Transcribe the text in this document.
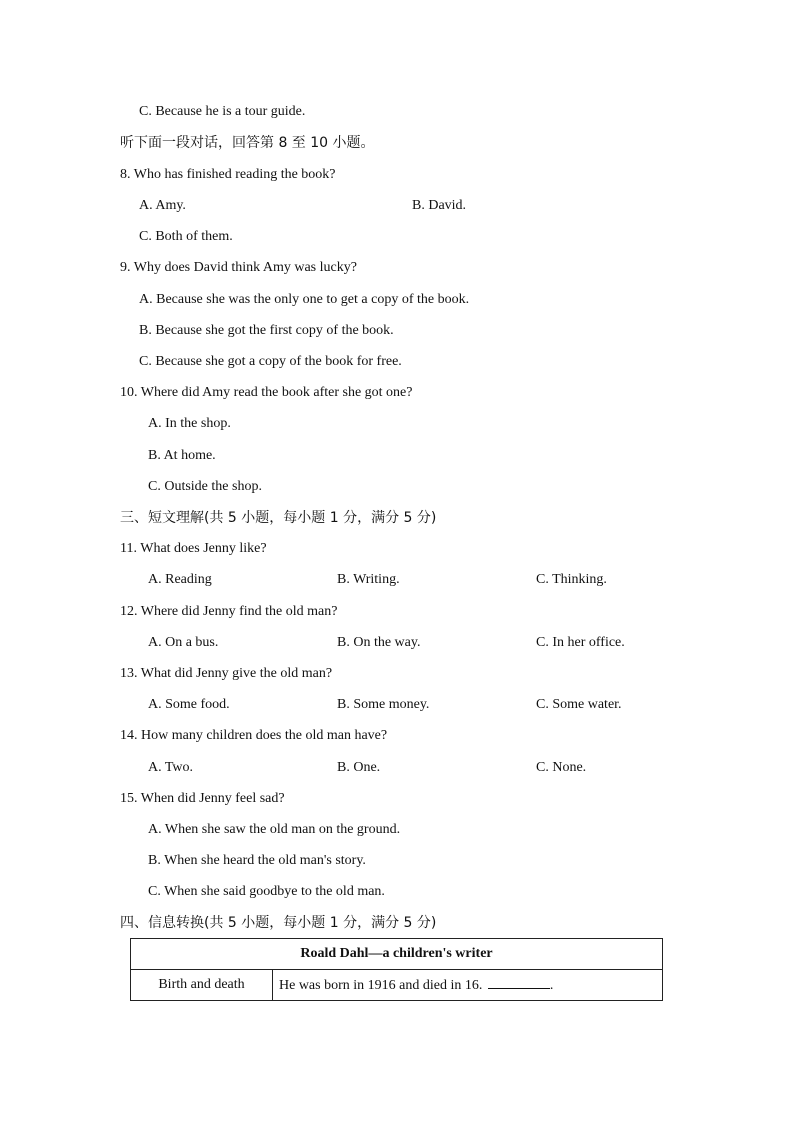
C. Because he is a tour guide.
听下面一段对话，回答第 8 至 10 小题。
8. Who has finished reading the book?
A. Amy.	B. David.
C. Both of them.
9. Why does David think Amy was lucky?
A. Because she was the only one to get a copy of the book.
B. Because she got the first copy of the book.
C. Because she got a copy of the book for free.
10. Where did Amy read the book after she got one?
A. In the shop.
B. At home.
C. Outside the shop.
三、短文理解(共 5 小题，每小题 1 分，满分 5 分)
11. What does Jenny like?
A. Reading	B. Writing.	C. Thinking.
12. Where did Jenny find the old man?
A. On a bus.	B. On the way.	C. In her office.
13. What did Jenny give the old man?
A. Some food.	B. Some money.	C. Some water.
14. How many children does the old man have?
A. Two.	B. One.	C. None.
15. When did Jenny feel sad?
A. When she saw the old man on the ground.
B. When she heard the old man's story.
C. When she said goodbye to the old man.
四、信息转换(共 5 小题，每小题 1 分，满分 5 分)
Roald Dahl—a children's writer
Birth and death	He was born in 1916 and died in 16.	.
